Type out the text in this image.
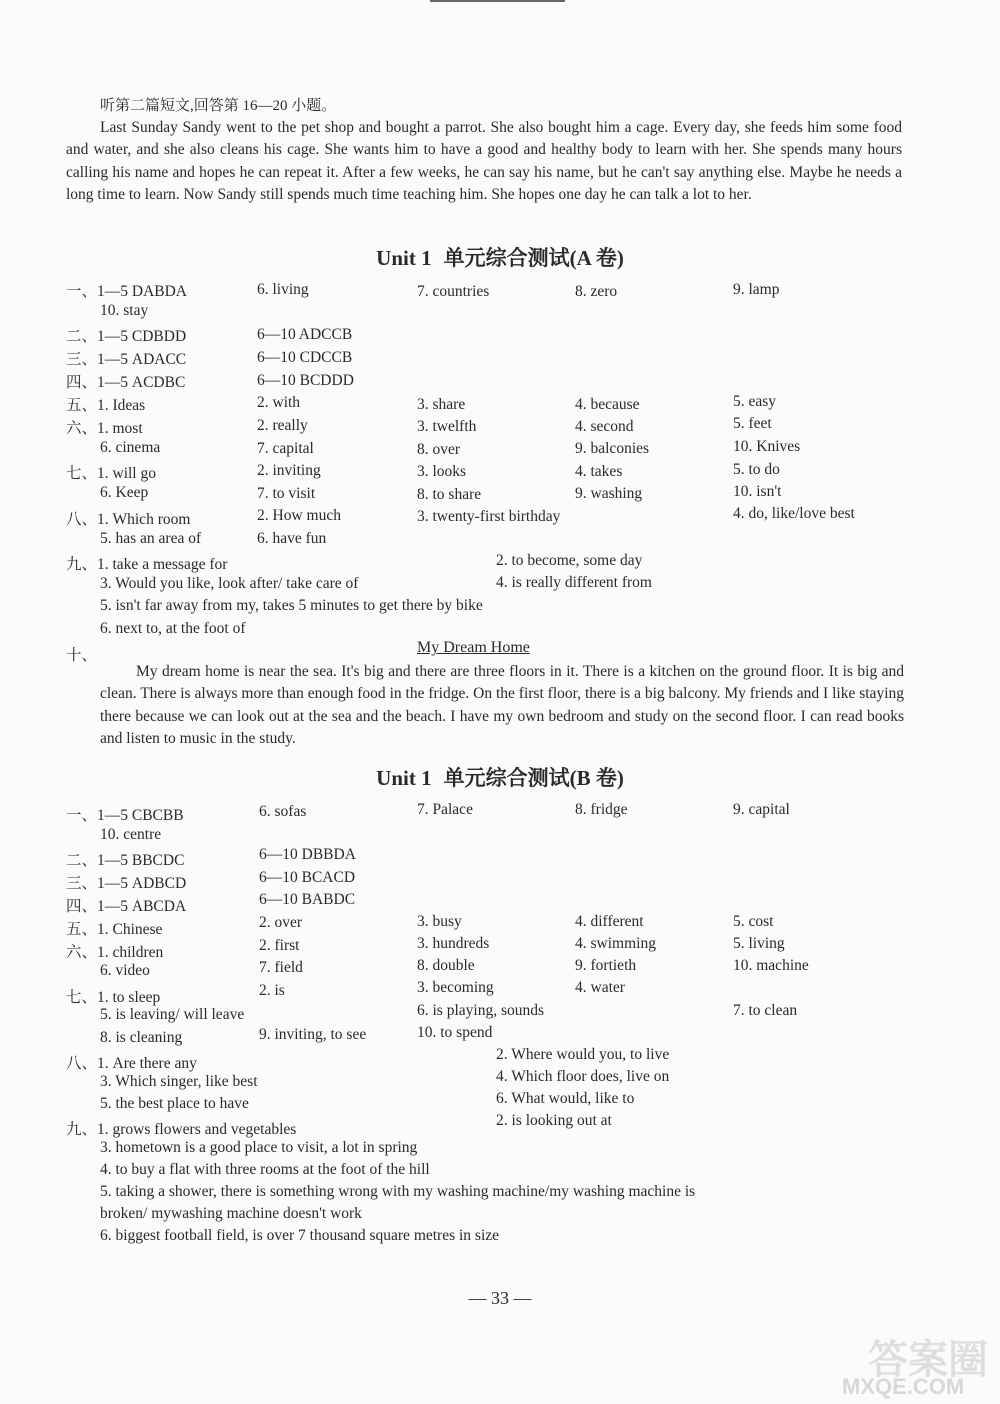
听第二篇短文,回答第 16—20 小题。
Last Sunday Sandy went to the pet shop and bought a parrot. She also bought him a cage. Every day, she feeds him some food and water, and she also cleans his cage. She wants him to have a good and healthy body to learn with her. She spends many hours calling his name and hopes he can repeat it. After a few weeks, he can say his name, but he can't say anything else. Maybe he needs a long time to learn. Now Sandy still spends much time teaching him. She hopes one day he can talk a lot to her.
Unit 1 单元综合测试(A 卷)
一、1—5 DABDA	6. living	7. countries	8. zero	9. lamp
10. stay
二、1—5 CDBDD	6—10 ADCCB
三、1—5 ADACC	6—10 CDCCB
四、1—5 ACDBC	6—10 BCDDD
五、1. Ideas	2. with	3. share	4. because	5. easy
六、1. most	2. really	3. twelfth	4. second	5. feet
6. cinema	7. capital	8. over	9. balconies	10. Knives
七、1. will go	2. inviting	3. looks	4. takes	5. to do
6. Keep	7. to visit	8. to share	9. washing	10. isn't
八、1. Which room	2. How much	3. twenty-first birthday	4. do, like/love best
5. has an area of	6. have fun
九、1. take a message for	2. to become, some day
3. Would you like, look after/ take care of	4. is really different from
5. isn't far away from my, takes 5 minutes to get there by bike
6. next to, at the foot of
十、	My Dream Home
My dream home is near the sea. It's big and there are three floors in it. There is a kitchen on the ground floor. It is big and clean. There is always more than enough food in the fridge. On the first floor, there is a big balcony. My friends and I like staying there because we can look out at the sea and the beach. I have my own bedroom and study on the second floor. I can read books and listen to music in the study.
Unit 1 单元综合测试(B 卷)
一、1—5 CBCBB	6. sofas	7. Palace	8. fridge	9. capital
10. centre
二、1—5 BBCDC	6—10 DBBDA
三、1—5 ADBCD	6—10 BCACD
四、1—5 ABCDA	6—10 BABDC
五、1. Chinese	2. over	3. busy	4. different	5. cost
六、1. children	2. first	3. hundreds	4. swimming	5. living
6. video	7. field	8. double	9. fortieth	10. machine
七、1. to sleep	2. is	3. becoming	4. water
5. is leaving/ will leave	6. is playing, sounds	7. to clean
8. is cleaning	9. inviting, to see	10. to spend
八、1. Are there any
2. Where would you, to live
3. Which singer, like best	4. Which floor does, live on
5. the best place to have	6. What would, like to
九、1. grows flowers and vegetables
2. is looking out at
3. hometown is a good place to visit, a lot in spring
4. to buy a flat with three rooms at the foot of the hill
5. taking a shower, there is something wrong with my washing machine/my washing machine is
broken/ mywashing machine doesn't work
6. biggest football field, is over 7 thousand square metres in size
— 33 —
答案圈
MXQE.COM
